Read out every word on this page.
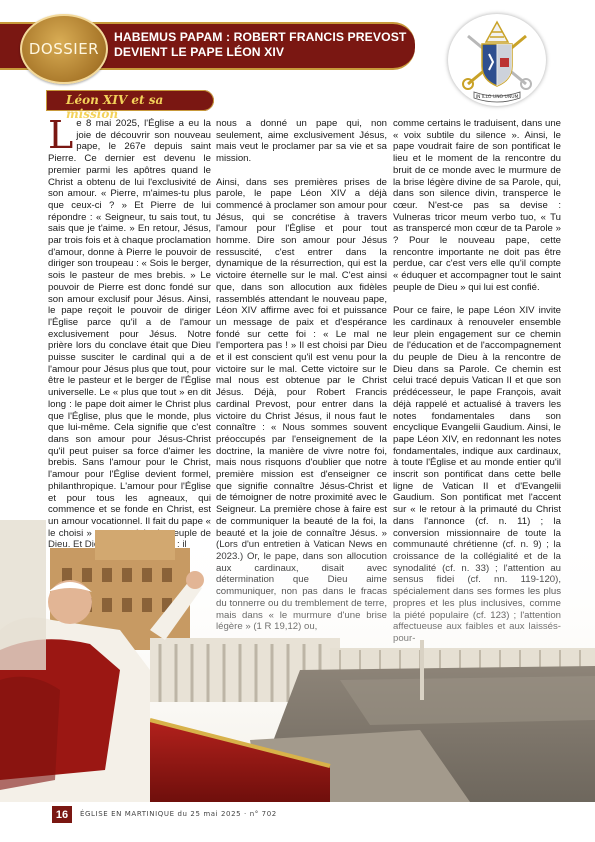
DOSSIER
HABEMUS PAPAM : ROBERT FRANCIS PREVOST
DEVIENT LE PAPE LÉON XIV
IN ILLO UNO UNUM
Léon XIV et sa mission

Le 8 mai 2025, l'Église a eu la joie de découvrir son nouveau pape, le 267e depuis saint Pierre. Ce dernier est devenu le premier parmi les apôtres quand le Christ a obtenu de lui l'exclusivité de son amour. « Pierre, m'aimes-tu plus que ceux-ci ? » Et Pierre de lui répondre : « Seigneur, tu sais tout, tu sais que je t'aime. » En retour, Jésus, par trois fois et à chaque proclamation d'amour, donne à Pierre le pouvoir de diriger son troupeau : « Sois le berger, sois le pasteur de mes brebis. » Le pouvoir de Pierre est donc fondé sur son amour exclusif pour Jésus. Ainsi, le pape reçoit le pouvoir de diriger l'Église parce qu'il a de l'amour exclusivement pour Jésus. Notre prière lors du conclave était que Dieu puisse susciter le cardinal qui a de l'amour pour Jésus plus que tout, pour être le pasteur et le berger de l'Église universelle. Le « plus que tout » en dit long : le pape doit aimer le Christ plus que l'Église, plus que le monde, plus que lui-même. Cela signifie que c'est dans son amour pour Jésus-Christ qu'il peut puiser sa force d'aimer les brebis. Sans l'amour pour le Christ, l'amour pour l'Église devient formel, philanthropique. L'amour pour l'Église et pour tous les agneaux, qui commence et se fonde en Christ, est

nous a donné un pape qui, non seulement, aime exclusivement Jésus, mais veut le proclamer par sa vie et sa mission.

Ainsi, dans ses premières prises de parole, le pape Léon XIV a déjà commencé à proclamer son amour pour Jésus, qui se concrétise à travers l'amour pour l'Église et pour tout homme. Dire son amour pour Jésus ressuscité, c'est entrer dans la dynamique de la résurrection, qui est la victoire éternelle sur le mal. C'est ainsi que, dans son allocution aux fidèles rassemblés attendant le nouveau pape, Léon XIV affirme avec foi et puissance un message de paix et d'espérance fondé sur cette foi : « Le mal ne l'emportera pas ! » Il est choisi par Dieu et il est conscient qu'il est venu pour la victoire sur le mal. Cette victoire sur le mal nous est obtenue par le Christ Jésus. Déjà, pour Robert Francis cardinal Prevost, pour entrer dans la victoire du Christ Jésus, il nous faut le connaître : « Nous sommes souvent préoccupés par l'enseignement de la doctrine, la manière de vivre notre foi, mais nous risquons d'oublier que notre première mission est d'enseigner ce que signifie connaître Jésus-Christ et de témoigner de notre proximité avec le Seigneur. La première chose à faire est

comme certains le traduisent, dans une « voix subtile du silence ». Ainsi, le pape voudrait faire de son pontificat le lieu et le moment de la rencontre du bruit de ce monde avec le murmure de la brise légère divine de sa Parole, qui, dans son silence divin, transperce le cœur. N'est-ce pas sa devise : Vulneras tricor meum verbo tuo, « Tu as transpercé mon cœur de ta Parole » ? Pour le nouveau pape, cette rencontre importante ne doit pas être perdue, car c'est vers elle qu'il compte « éduquer et accompagner tout le saint peuple de Dieu » qui lui est confié.

Pour ce faire, le pape Léon XIV invite les cardinaux à renouveler ensemble leur plein engagement sur ce chemin de l'éducation et de l'accompagnement du peuple de Dieu à la rencontre de Dieu dans sa Parole. Ce chemin est celui tracé depuis Vatican II et que son prédécesseur, le pape François, avait déjà rappelé et actualisé à travers les notes fondamentales dans son encyclique Evangelii Gaudium. Ainsi, le pape Léon XIV, en redonnant les notes fondamentales, indique aux cardinaux, à toute l'Église et au monde entier qu'il inscrit son pontificat dans cette belle ligne de Vatican II et d'Evangelii Gaudium. Son pontificat met l'accent sur « le retour à la primauté du Christ

16	ÉGLISE EN MARTINIQUE du 25 mai 2025 · n° 702
